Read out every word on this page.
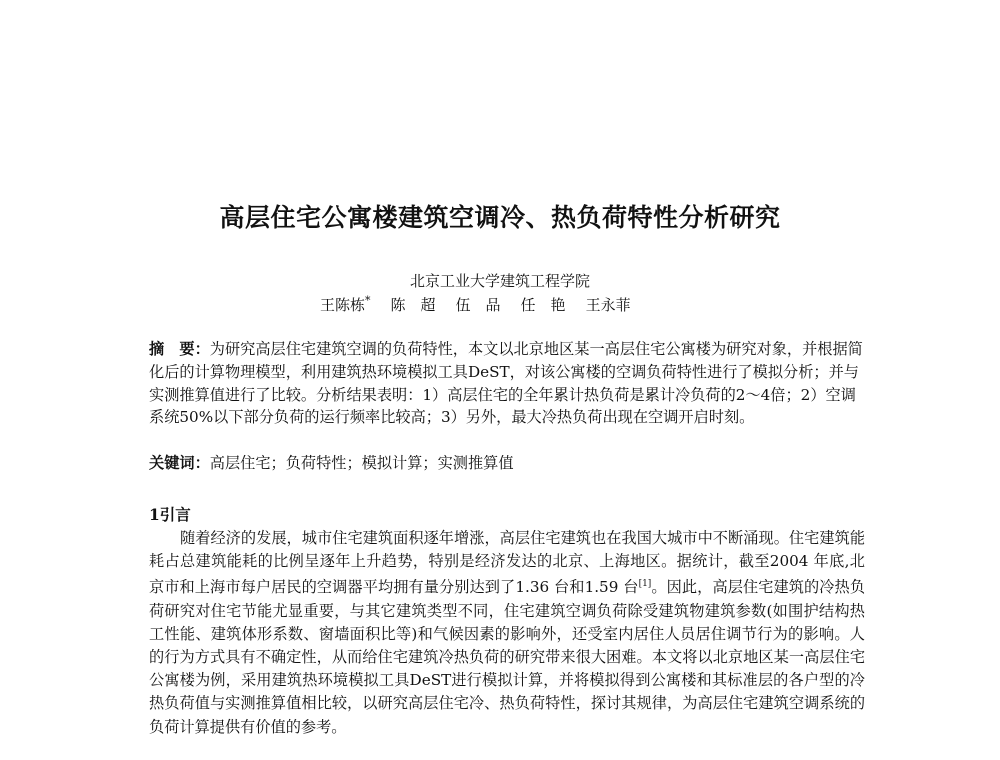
高层住宅公寓楼建筑空调冷、热负荷特性分析研究
北京工业大学建筑工程学院
王陈栋* 陈　超 伍　品 任　艳 王永菲

摘　要：为研究高层住宅建筑空调的负荷特性，本文以北京地区某一高层住宅公寓楼为研究对象，并根据简化后的计算物理模型，利用建筑热环境模拟工具DeST，对该公寓楼的空调负荷特性进行了模拟分析；并与实测推算值进行了比较。分析结果表明：1）高层住宅的全年累计热负荷是累计冷负荷的2～4倍；2）空调系统50%以下部分负荷的运行频率比较高；3）另外，最大冷热负荷出现在空调开启时刻。

关键词：高层住宅；负荷特性；模拟计算；实测推算值

1引言

随着经济的发展，城市住宅建筑面积逐年增涨，高层住宅建筑也在我国大城市中不断涌现。住宅建筑能耗占总建筑能耗的比例呈逐年上升趋势，特别是经济发达的北京、上海地区。据统计，截至2004 年底,北京市和上海市每户居民的空调器平均拥有量分别达到了1.36 台和1.59 台[1]。因此，高层住宅建筑的冷热负荷研究对住宅节能尤显重要，与其它建筑类型不同，住宅建筑空调负荷除受建筑物建筑参数(如围护结构热工性能、建筑体形系数、窗墙面积比等)和气候因素的影响外，还受室内居住人员居住调节行为的影响。人的行为方式具有不确定性，从而给住宅建筑冷热负荷的研究带来很大困难。本文将以北京地区某一高层住宅公寓楼为例，采用建筑热环境模拟工具DeST进行模拟计算，并将模拟得到公寓楼和其标准层的各户型的冷热负荷值与实测推算值相比较，以研究高层住宅冷、热负荷特性，探讨其规律，为高层住宅建筑空调系统的负荷计算提供有价值的参考。
